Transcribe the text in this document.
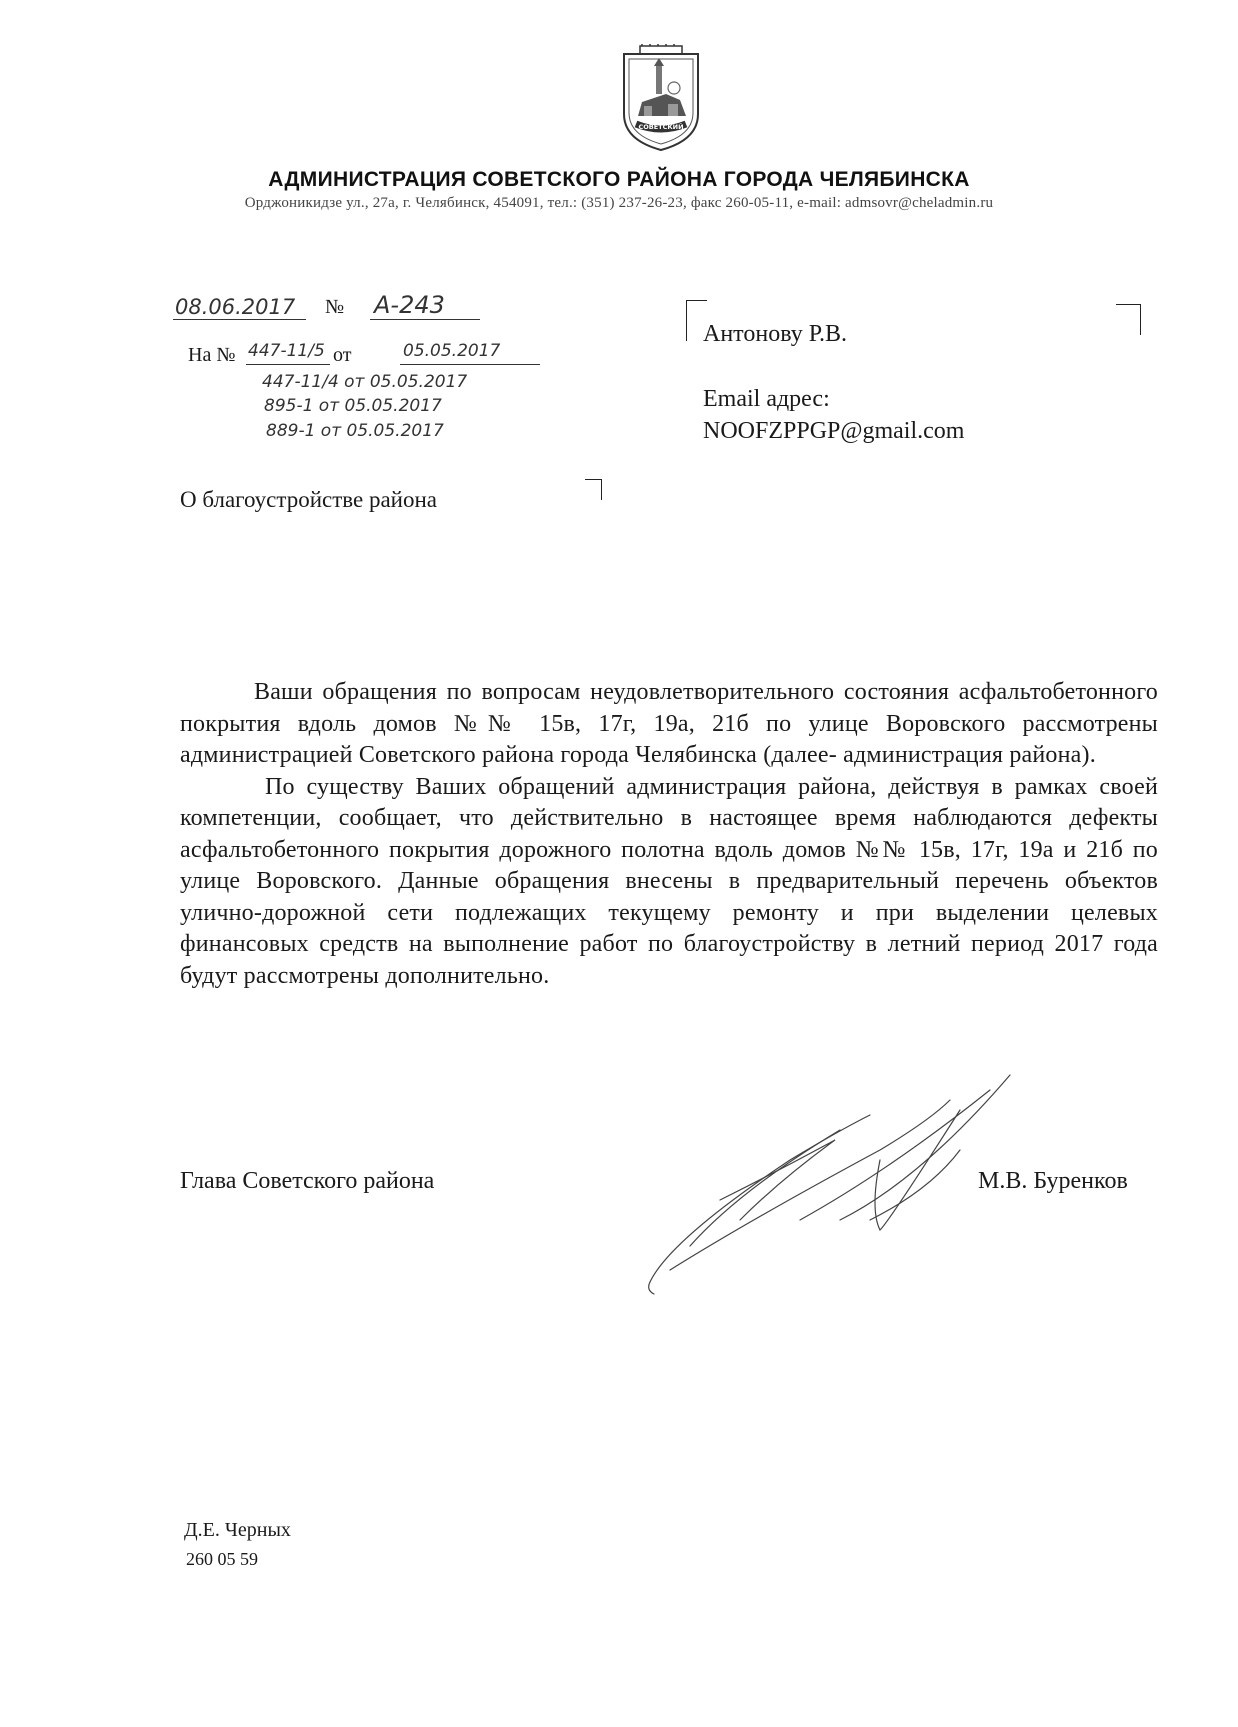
СОВЕТСКИЙ
АДМИНИСТРАЦИЯ СОВЕТСКОГО РАЙОНА ГОРОДА ЧЕЛЯБИНСКА
Орджоникидзе ул., 27а, г. Челябинск, 454091, тел.: (351) 237-26-23, факс 260-05-11, e-mail: admsovr@cheladmin.ru
08.06.2017 № А-243
На № 447-11/5 от	05.05.2017
447-11/4 от 05.05.2017
895-1 от 05.05.2017
889-1 от 05.05.2017
Антонову Р.В.
Email адрес:
NOOFZPPGP@gmail.com
О благоустройстве района

Ваши обращения по вопросам неудовлетворительного состояния асфальтобетонного покрытия вдоль домов №№ 15в, 17г, 19а, 21б по улице Воровского рассмотрены администрацией Советского района города Челябинска (далее- администрация района).

По существу Ваших обращений администрация района, действуя в рамках своей компетенции, сообщает, что действительно в настоящее время наблюдаются дефекты асфальтобетонного покрытия дорожного полотна вдоль домов №№ 15в, 17г, 19а и 21б по улице Воровского. Данные обращения внесены в предварительный перечень объектов улично-дорожной сети подлежащих текущему ремонту и при выделении целевых финансовых средств на выполнение работ по благоустройству в летний период 2017 года будут рассмотрены дополнительно.

Глава Советского района	М.В. Буренков
Д.Е. Черных
260 05 59
